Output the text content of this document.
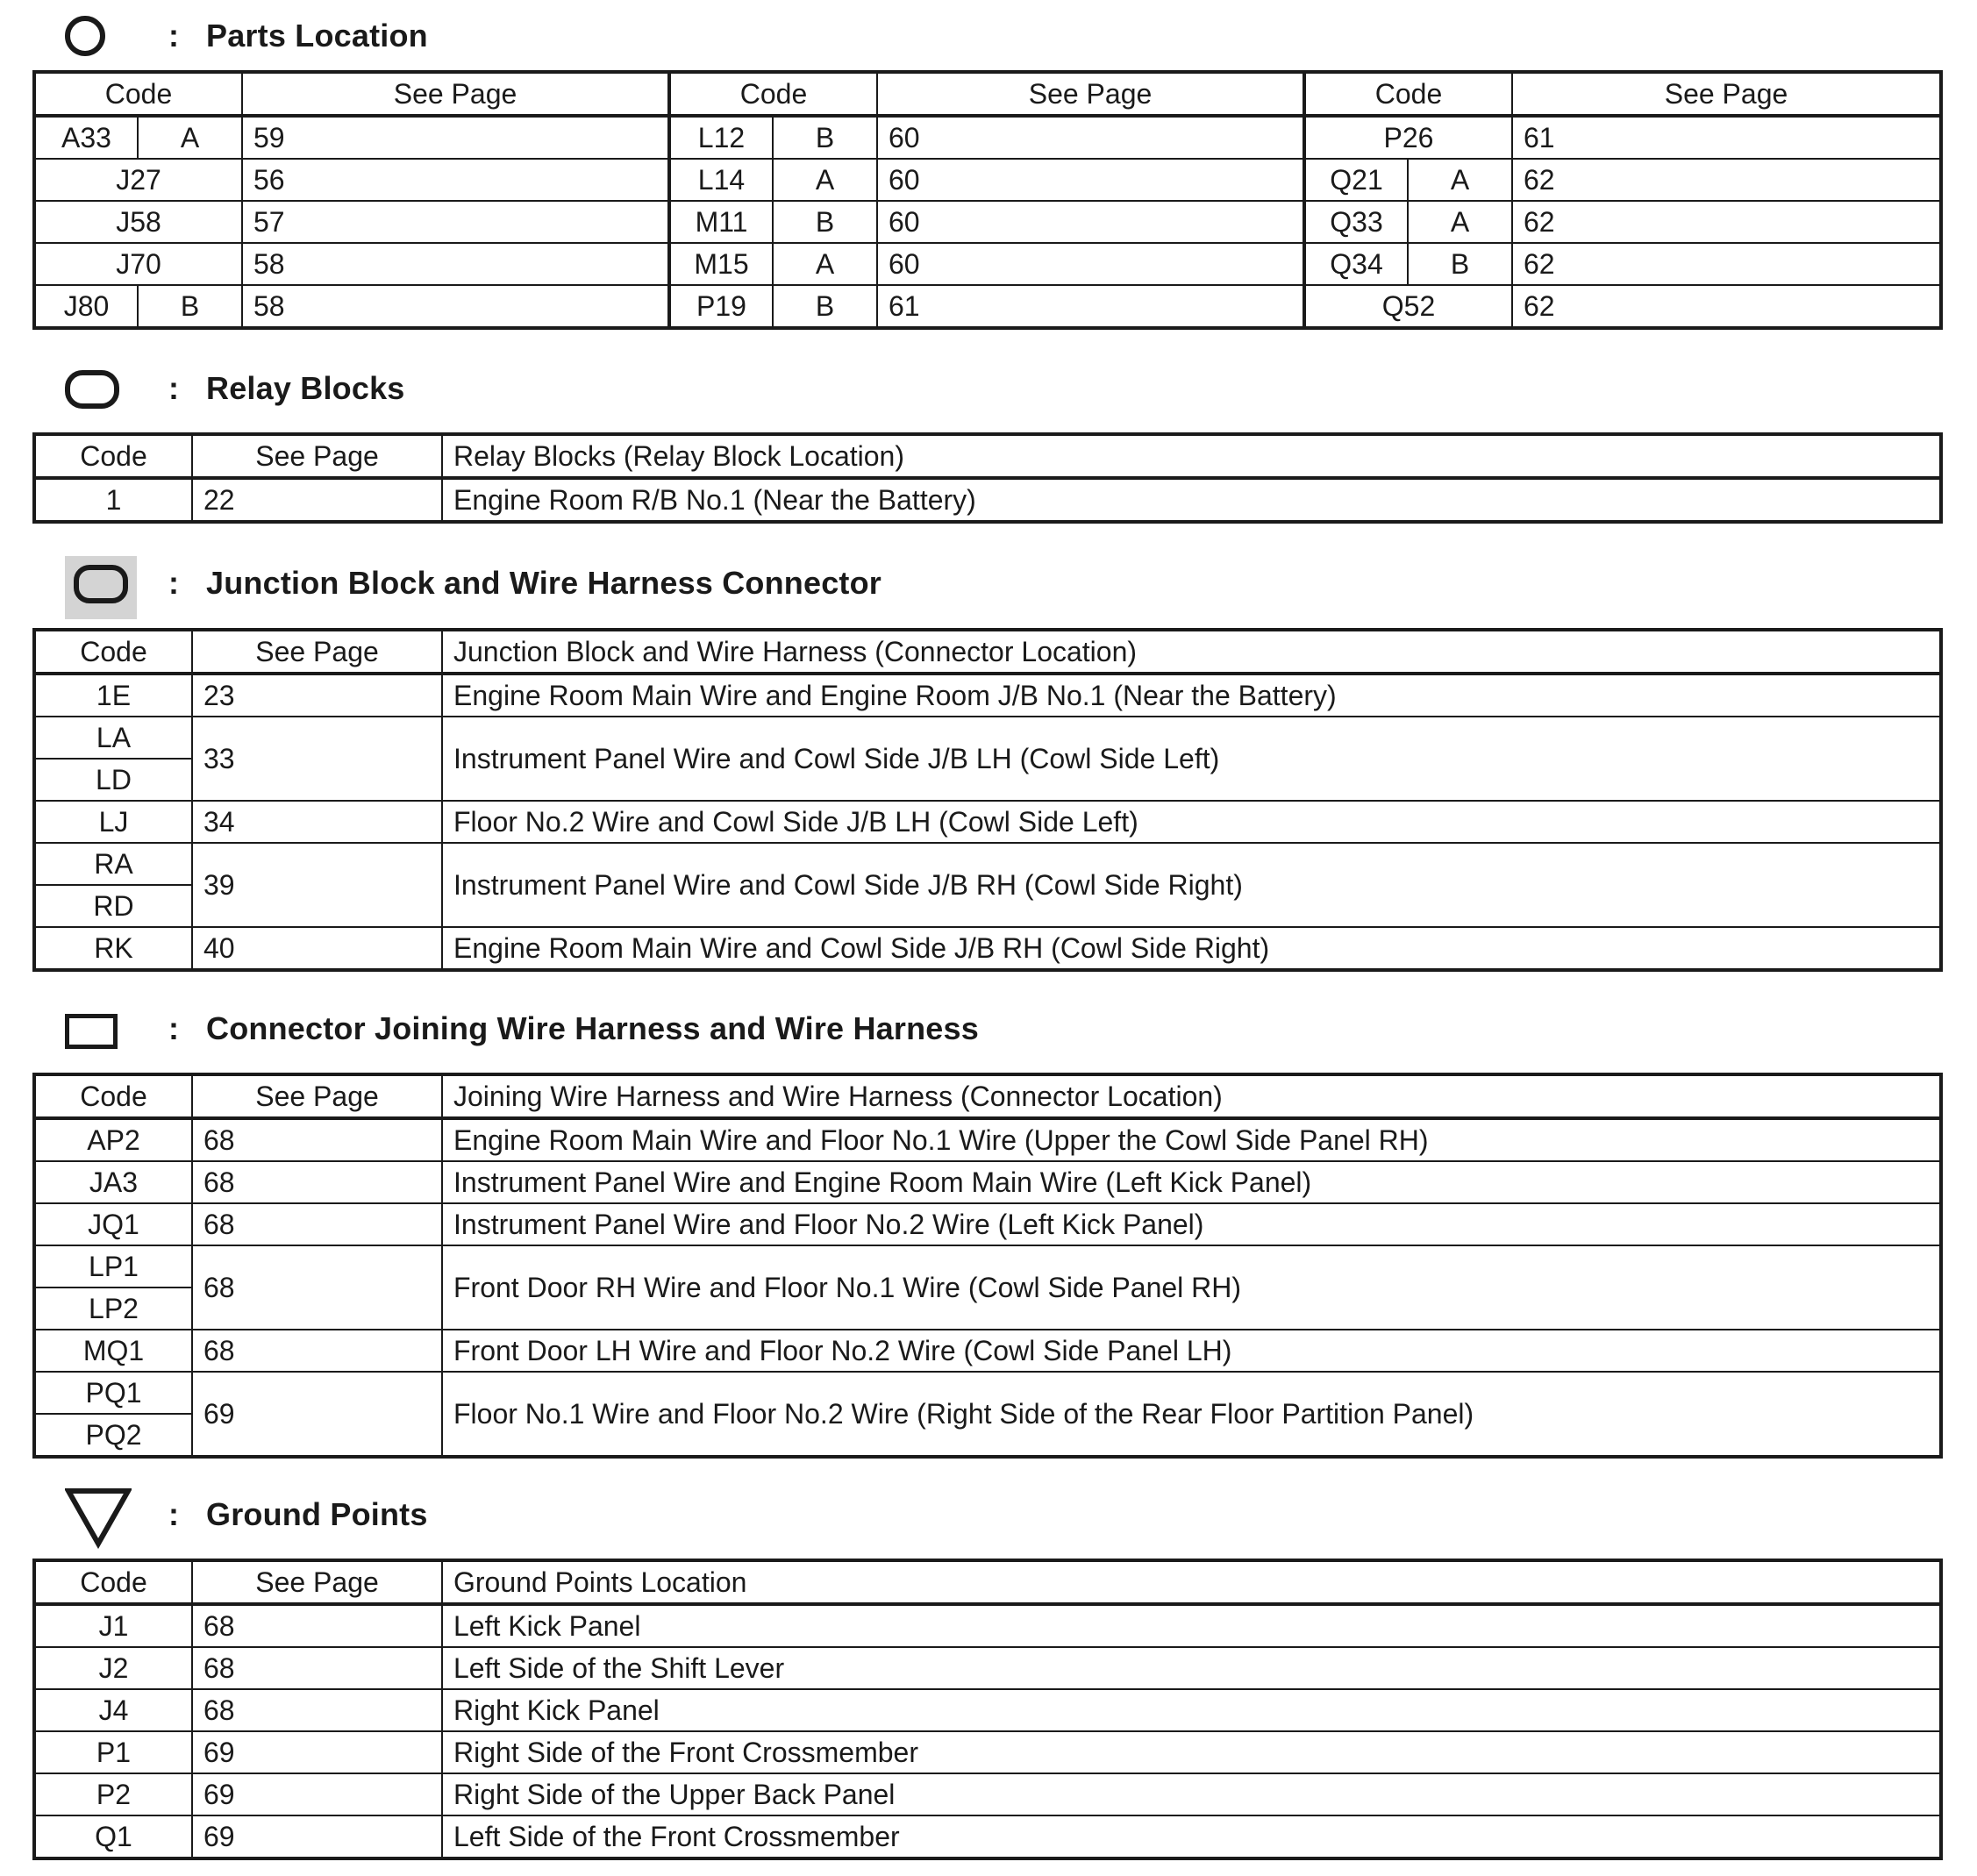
: Parts Location
Code		See Page	Code		See Page	Code		See Page
A33	A	59	L12	B	60	P26		61
J27		56	L14	A	60	Q21	A	62
J58		57	M11	B	60	Q33	A	62
J70		58	M15	A	60	Q34	B	62
J80	B	58	P19	B	61	Q52		62
: Relay Blocks
Code	See Page	Relay Blocks (Relay Block Location)
1	22	Engine Room R/B No.1 (Near the Battery)
: Junction Block and Wire Harness Connector
Code	See Page	Junction Block and Wire Harness (Connector Location)
1E	23	Engine Room Main Wire and Engine Room J/B No.1 (Near the Battery)
LA	33	Instrument Panel Wire and Cowl Side J/B LH (Cowl Side Left)
LD		
LJ	34	Floor No.2 Wire and Cowl Side J/B LH (Cowl Side Left)
RA	39	Instrument Panel Wire and Cowl Side J/B RH (Cowl Side Right)
RD		
RK	40	Engine Room Main Wire and Cowl Side J/B RH (Cowl Side Right)
: Connector Joining Wire Harness and Wire Harness
Code	See Page	Joining Wire Harness and Wire Harness (Connector Location)
AP2	68	Engine Room Main Wire and Floor No.1 Wire (Upper the Cowl Side Panel RH)
JA3	68	Instrument Panel Wire and Engine Room Main Wire (Left Kick Panel)
JQ1	68	Instrument Panel Wire and Floor No.2 Wire (Left Kick Panel)
LP1	68	Front Door RH Wire and Floor No.1 Wire (Cowl Side Panel RH)
LP2		
MQ1	68	Front Door LH Wire and Floor No.2 Wire (Cowl Side Panel LH)
PQ1	69	Floor No.1 Wire and Floor No.2 Wire (Right Side of the Rear Floor Partition Panel)
PQ2		
: Ground Points
Code	See Page	Ground Points Location
J1	68	Left Kick Panel
J2	68	Left Side of the Shift Lever
J4	68	Right Kick Panel
P1	69	Right Side of the Front Crossmember
P2	69	Right Side of the Upper Back Panel
Q1	69	Left Side of the Front Crossmember
